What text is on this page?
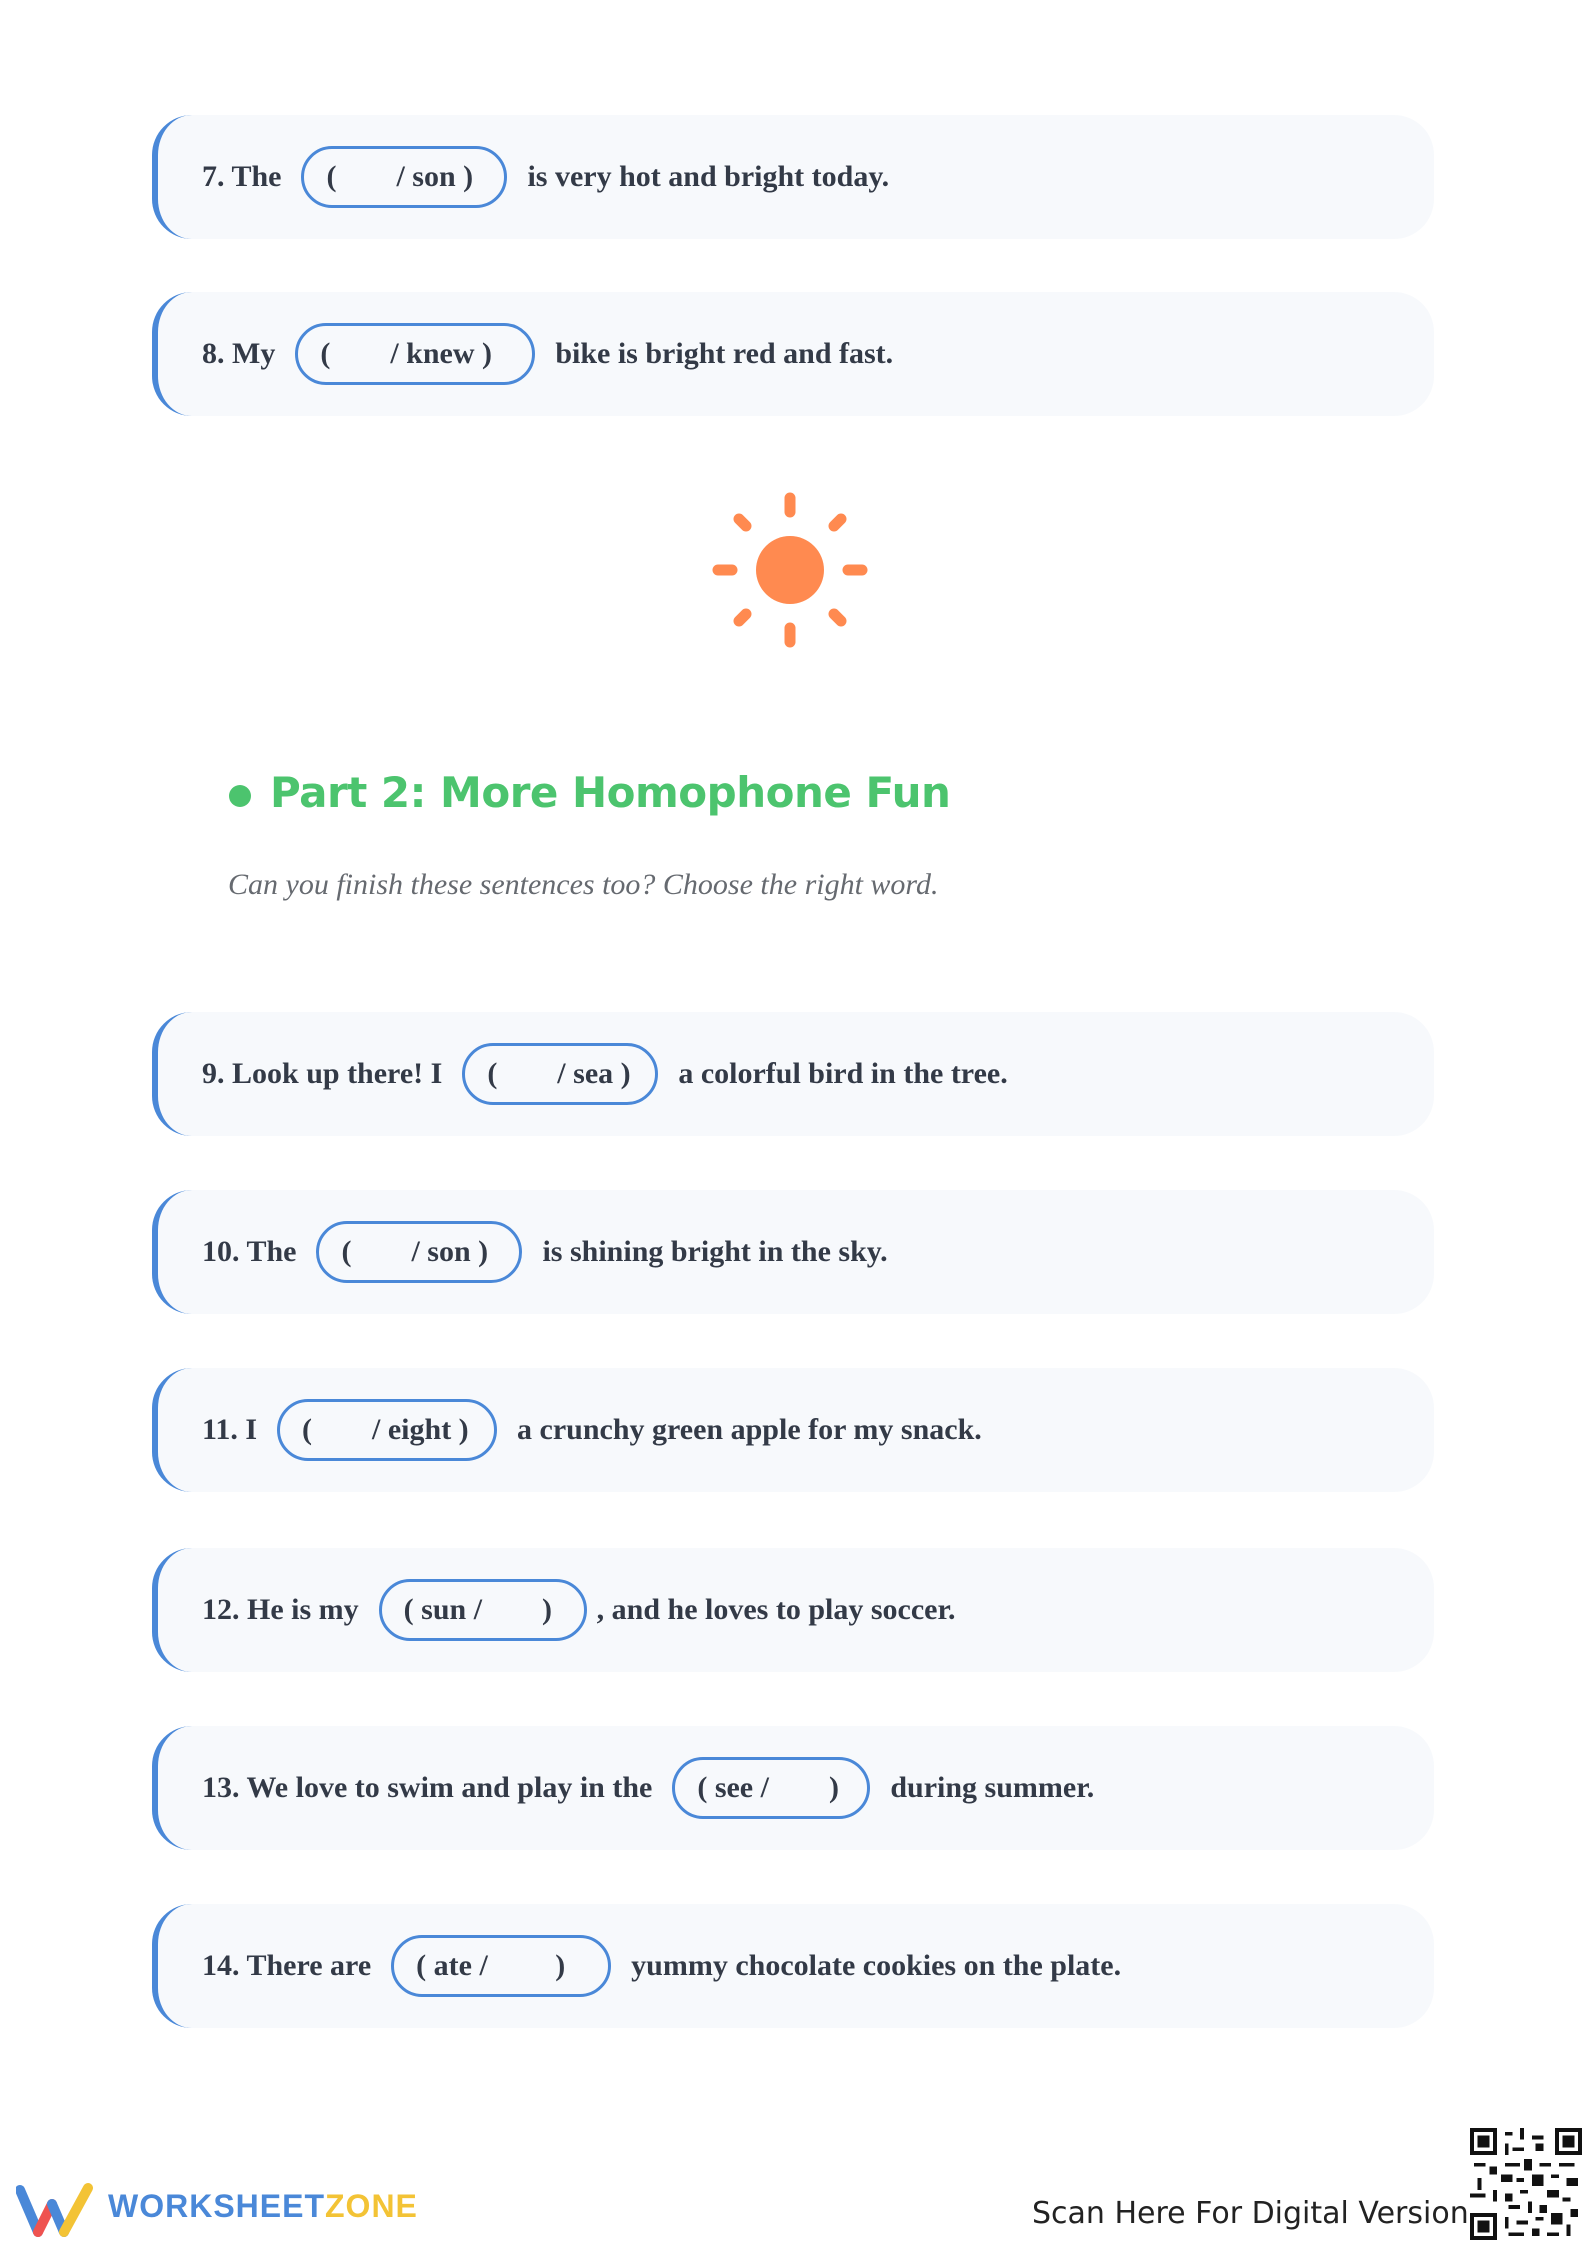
7. The	(        / son )	is very hot and bright today.
8. My	(        / knew )	bike is bright red and fast.
Part 2: More Homophone Fun
Can you finish these sentences too? Choose the right word.
9. Look up there! I	(        / sea )	a colorful bird in the tree.
10. The	(        / son )	is shining bright in the sky.
11. I	(        / eight )	a crunchy green apple for my snack.
12. He is my	( sun /        )	, and he loves to play soccer.
13. We love to swim and play in the	( see /        )	during summer.
14. There are	( ate /         )	yummy chocolate cookies on the plate.
WORKSHEETZONE	Scan Here For Digital Version
